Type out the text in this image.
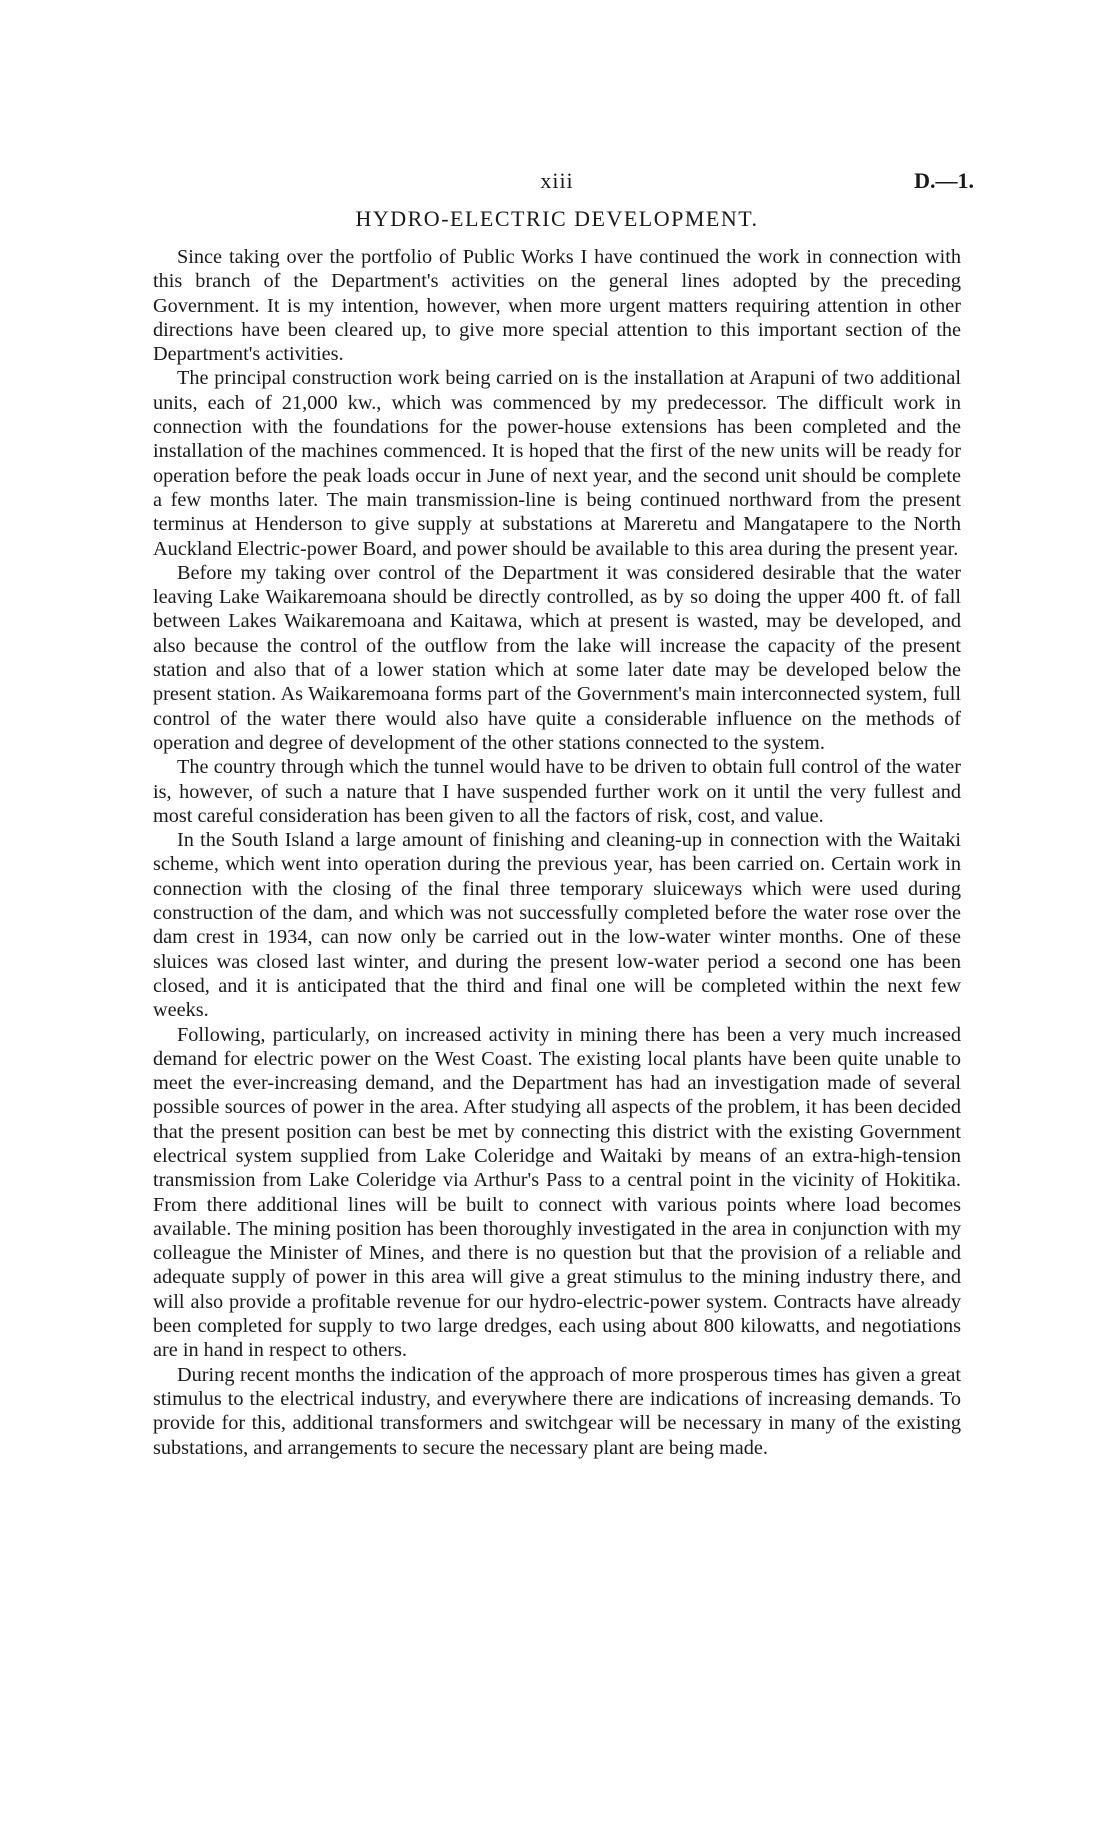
xiii	D.—1.
HYDRO-ELECTRIC DEVELOPMENT.

Since taking over the portfolio of Public Works I have continued the work in connection with this branch of the Department's activities on the general lines adopted by the preceding Government. It is my intention, however, when more urgent matters requiring attention in other directions have been cleared up, to give more special attention to this important section of the Department's activities.

The principal construction work being carried on is the installation at Arapuni of two additional units, each of 21,000 kw., which was commenced by my predecessor. The difficult work in connection with the foundations for the power-house extensions has been completed and the installation of the machines commenced. It is hoped that the first of the new units will be ready for operation before the peak loads occur in June of next year, and the second unit should be complete a few months later. The main transmission-line is being continued northward from the present terminus at Henderson to give supply at substations at Mareretu and Mangatapere to the North Auckland Electric-power Board, and power should be available to this area during the present year.

Before my taking over control of the Department it was considered desirable that the water leaving Lake Waikaremoana should be directly controlled, as by so doing the upper 400 ft. of fall between Lakes Waikaremoana and Kaitawa, which at present is wasted, may be developed, and also because the control of the outflow from the lake will increase the capacity of the present station and also that of a lower station which at some later date may be developed below the present station. As Waikaremoana forms part of the Government's main interconnected system, full control of the water there would also have quite a considerable influence on the methods of operation and degree of development of the other stations connected to the system.

The country through which the tunnel would have to be driven to obtain full control of the water is, however, of such a nature that I have suspended further work on it until the very fullest and most careful consideration has been given to all the factors of risk, cost, and value.

In the South Island a large amount of finishing and cleaning-up in connection with the Waitaki scheme, which went into operation during the previous year, has been carried on. Certain work in connection with the closing of the final three temporary sluiceways which were used during construction of the dam, and which was not successfully completed before the water rose over the dam crest in 1934, can now only be carried out in the low-water winter months. One of these sluices was closed last winter, and during the present low-water period a second one has been closed, and it is anticipated that the third and final one will be completed within the next few weeks.

Following, particularly, on increased activity in mining there has been a very much increased demand for electric power on the West Coast. The existing local plants have been quite unable to meet the ever-increasing demand, and the Department has had an investigation made of several possible sources of power in the area. After studying all aspects of the problem, it has been decided that the present position can best be met by connecting this district with the existing Government electrical system supplied from Lake Coleridge and Waitaki by means of an extra-high-tension transmission from Lake Coleridge via Arthur's Pass to a central point in the vicinity of Hokitika. From there additional lines will be built to connect with various points where load becomes available. The mining position has been thoroughly investigated in the area in conjunction with my colleague the Minister of Mines, and there is no question but that the provision of a reliable and adequate supply of power in this area will give a great stimulus to the mining industry there, and will also provide a profitable revenue for our hydro-electric-power system. Contracts have already been completed for supply to two large dredges, each using about 800 kilowatts, and negotiations are in hand in respect to others.

During recent months the indication of the approach of more prosperous times has given a great stimulus to the electrical industry, and everywhere there are indications of increasing demands. To provide for this, additional transformers and switchgear will be necessary in many of the existing substations, and arrangements to secure the necessary plant are being made.
